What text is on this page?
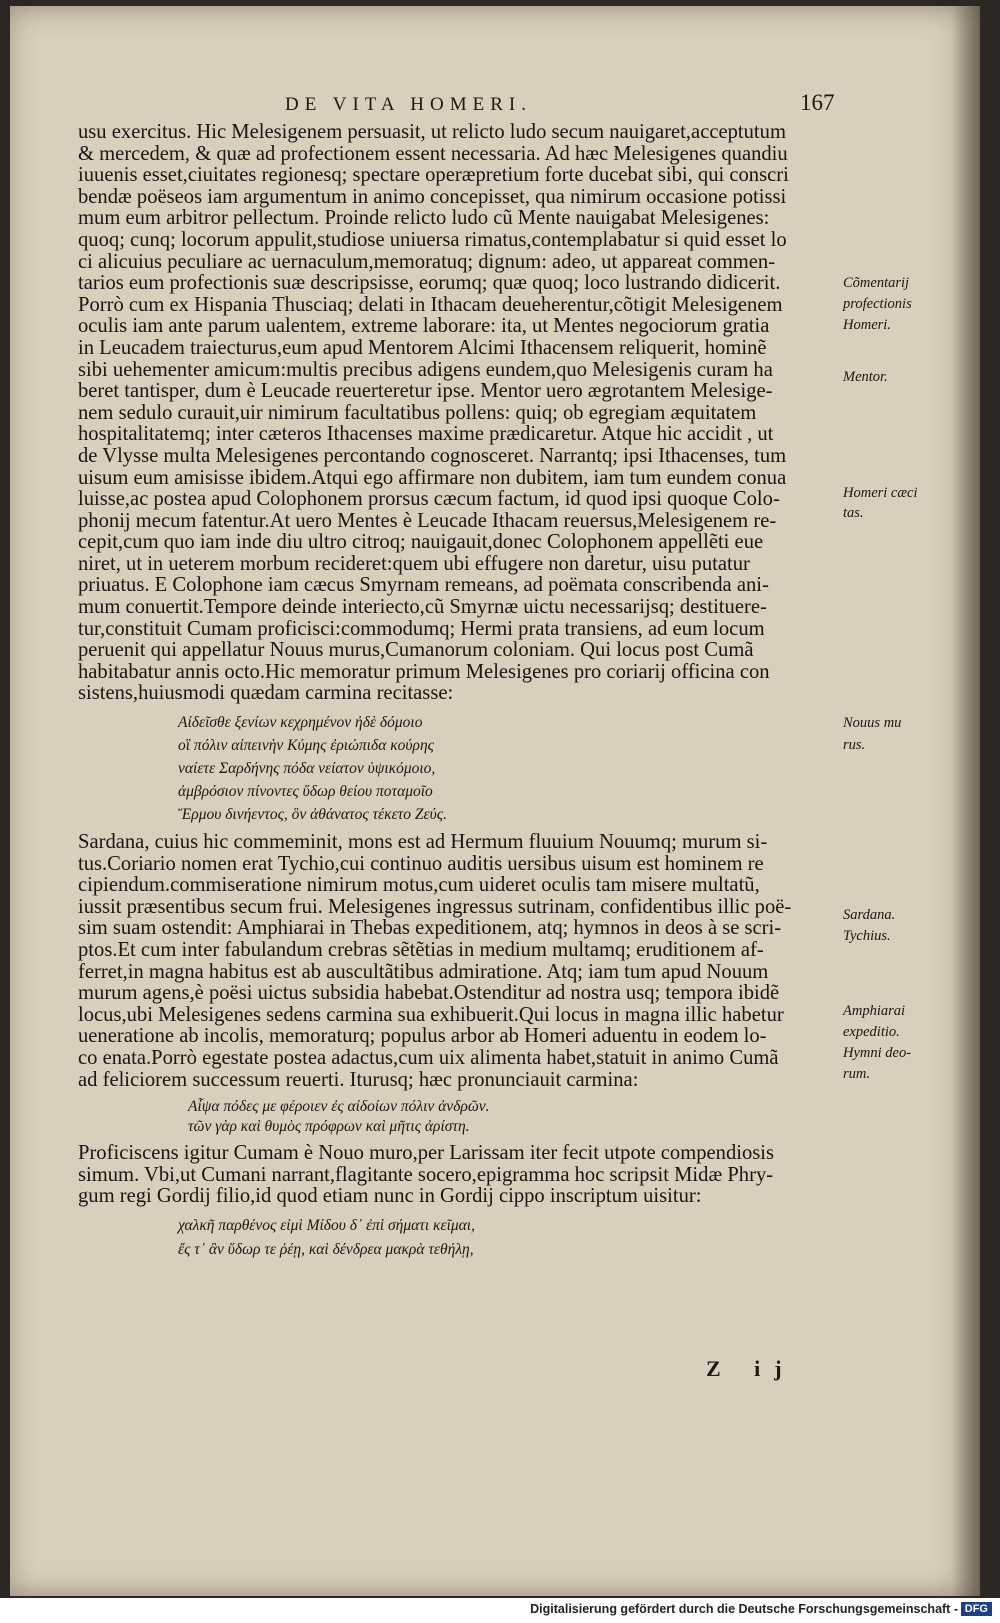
DE VITA HOMERI.	167
usu exercitus. Hic Melesigenem persuasit, ut relicto ludo secum nauigaret,acceptutum
& mercedem, & quæ ad profectionem essent necessaria. Ad hæc Melesigenes quandiu
iuuenis esset,ciuitates regionesq; spectare operæpretium forte ducebat sibi, qui conscri
bendæ poëseos iam argumentum in animo concepisset, qua nimirum occasione potissi
mum eum arbitror pellectum. Proinde relicto ludo cũ Mente nauigabat Melesigenes:
quoq; cunq; locorum appulit,studiose uniuersa rimatus,contemplabatur si quid esset lo
ci alicuius peculiare ac uernaculum,memoratuq; dignum: adeo, ut appareat commen-
tarios eum profectionis suæ descripsisse, eorumq; quæ quoq; loco lustrando didicerit.
Porrò cum ex Hispania Thusciaq; delati in Ithacam deueherentur,cõtigit Melesigenem
oculis iam ante parum ualentem, extreme laborare: ita, ut Mentes negociorum gratia
in Leucadem traiecturus,eum apud Mentorem Alcimi Ithacensem reliquerit, hominẽ
sibi uehementer amicum:multis precibus adigens eundem,quo Melesigenis curam ha
beret tantisper, dum è Leucade reuerteretur ipse. Mentor uero ægrotantem Melesige-
nem sedulo curauit,uir nimirum facultatibus pollens: quiq; ob egregiam æquitatem
hospitalitatemq; inter cæteros Ithacenses maxime prædicaretur. Atque hic accidit , ut
de Vlysse multa Melesigenes percontando cognosceret. Narrantq; ipsi Ithacenses, tum
uisum eum amisisse ibidem.Atqui ego affirmare non dubitem, iam tum eundem conua
luisse,ac postea apud Colophonem prorsus cæcum factum, id quod ipsi quoque Colo-
phonij mecum fatentur.At uero Mentes è Leucade Ithacam reuersus,Melesigenem re-
cepit,cum quo iam inde diu ultro citroq; nauigauit,donec Colophonem appellẽti eue
niret, ut in ueterem morbum recideret:quem ubi effugere non daretur, uisu putatur
priuatus. E Colophone iam cæcus Smyrnam remeans, ad poëmata conscribenda ani-
mum conuertit.Tempore deinde interiecto,cũ Smyrnæ uictu necessarijsq; destituere-
tur,constituit Cumam proficisci:commodumq; Hermi prata transiens, ad eum locum
peruenit qui appellatur Nouus murus,Cumanorum coloniam. Qui locus post Cumã
habitabatur annis octo.Hic memoratur primum Melesigenes pro coriarij officina con
sistens,huiusmodi quædam carmina recitasse:
Αἰδεῖσθε ξενίων κεχρημένον ἠδὲ δόμοιο
οἳ πόλιν αἰπεινὴν Κύμης ἐριώπιδα κούρης
ναίετε Σαρδήνης πόδα νείατον ὑψικόμοιο,
ἀμβρόσιον πίνοντες ὕδωρ θείου ποταμοῖο
Ἕρμου δινήεντος, ὃν ἀθάνατος τέκετο Ζεύς.
Sardana, cuius hic commeminit, mons est ad Hermum fluuium Nouumq; murum si-
tus.Coriario nomen erat Tychio,cui continuo auditis uersibus uisum est hominem re
cipiendum.commiseratione nimirum motus,cum uideret oculis tam misere multatũ,
iussit præsentibus secum frui. Melesigenes ingressus sutrinam, confidentibus illic poë-
sim suam ostendit: Amphiarai in Thebas expeditionem, atq; hymnos in deos à se scri-
ptos.Et cum inter fabulandum crebras sẽtẽtias in medium multamq; eruditionem af-
ferret,in magna habitus est ab auscultãtibus admiratione. Atq; iam tum apud Nouum
murum agens,è poësi uictus subsidia habebat.Ostenditur ad nostra usq; tempora ibidẽ
locus,ubi Melesigenes sedens carmina sua exhibuerit.Qui locus in magna illic habetur
ueneratione ab incolis, memoraturq; populus arbor ab Homeri aduentu in eodem lo-
co enata.Porrò egestate postea adactus,cum uix alimenta habet,statuit in animo Cumã
ad feliciorem successum reuerti. Iturusq; hæc pronunciauit carmina:
Αἶψα πόδες με φέροιεν ἐς αἰδοίων πόλιν ἀνδρῶν.
τῶν γὰρ καὶ θυμὸς πρόφρων καὶ μῆτις ἀρίστη.
Proficiscens igitur Cumam è Nouo muro,per Larissam iter fecit utpote compendiosis
simum. Vbi,ut Cumani narrant,flagitante socero,epigramma hoc scripsit Midæ Phry-
gum regi Gordij filio,id quod etiam nunc in Gordij cippo inscriptum uisitur:
χαλκῆ παρθένος εἰμὶ Μίδου δ᾽ ἐπὶ σήματι κεῖμαι,
ἔς τ᾽ ἂν ὕδωρ τε ῥέῃ, καὶ δένδρεα μακρὰ τεθήλῃ,
Cõmentarij
profectionis
Homeri.
Mentor.
Homeri cæci
tas.
Nouus mu
rus.
Sardana.
Tychius.
Amphiarai
expeditio.
Hymni deo-
rum.
Z ij
Digitalisierung gefördert durch die Deutsche Forschungsgemeinschaft - DFG
